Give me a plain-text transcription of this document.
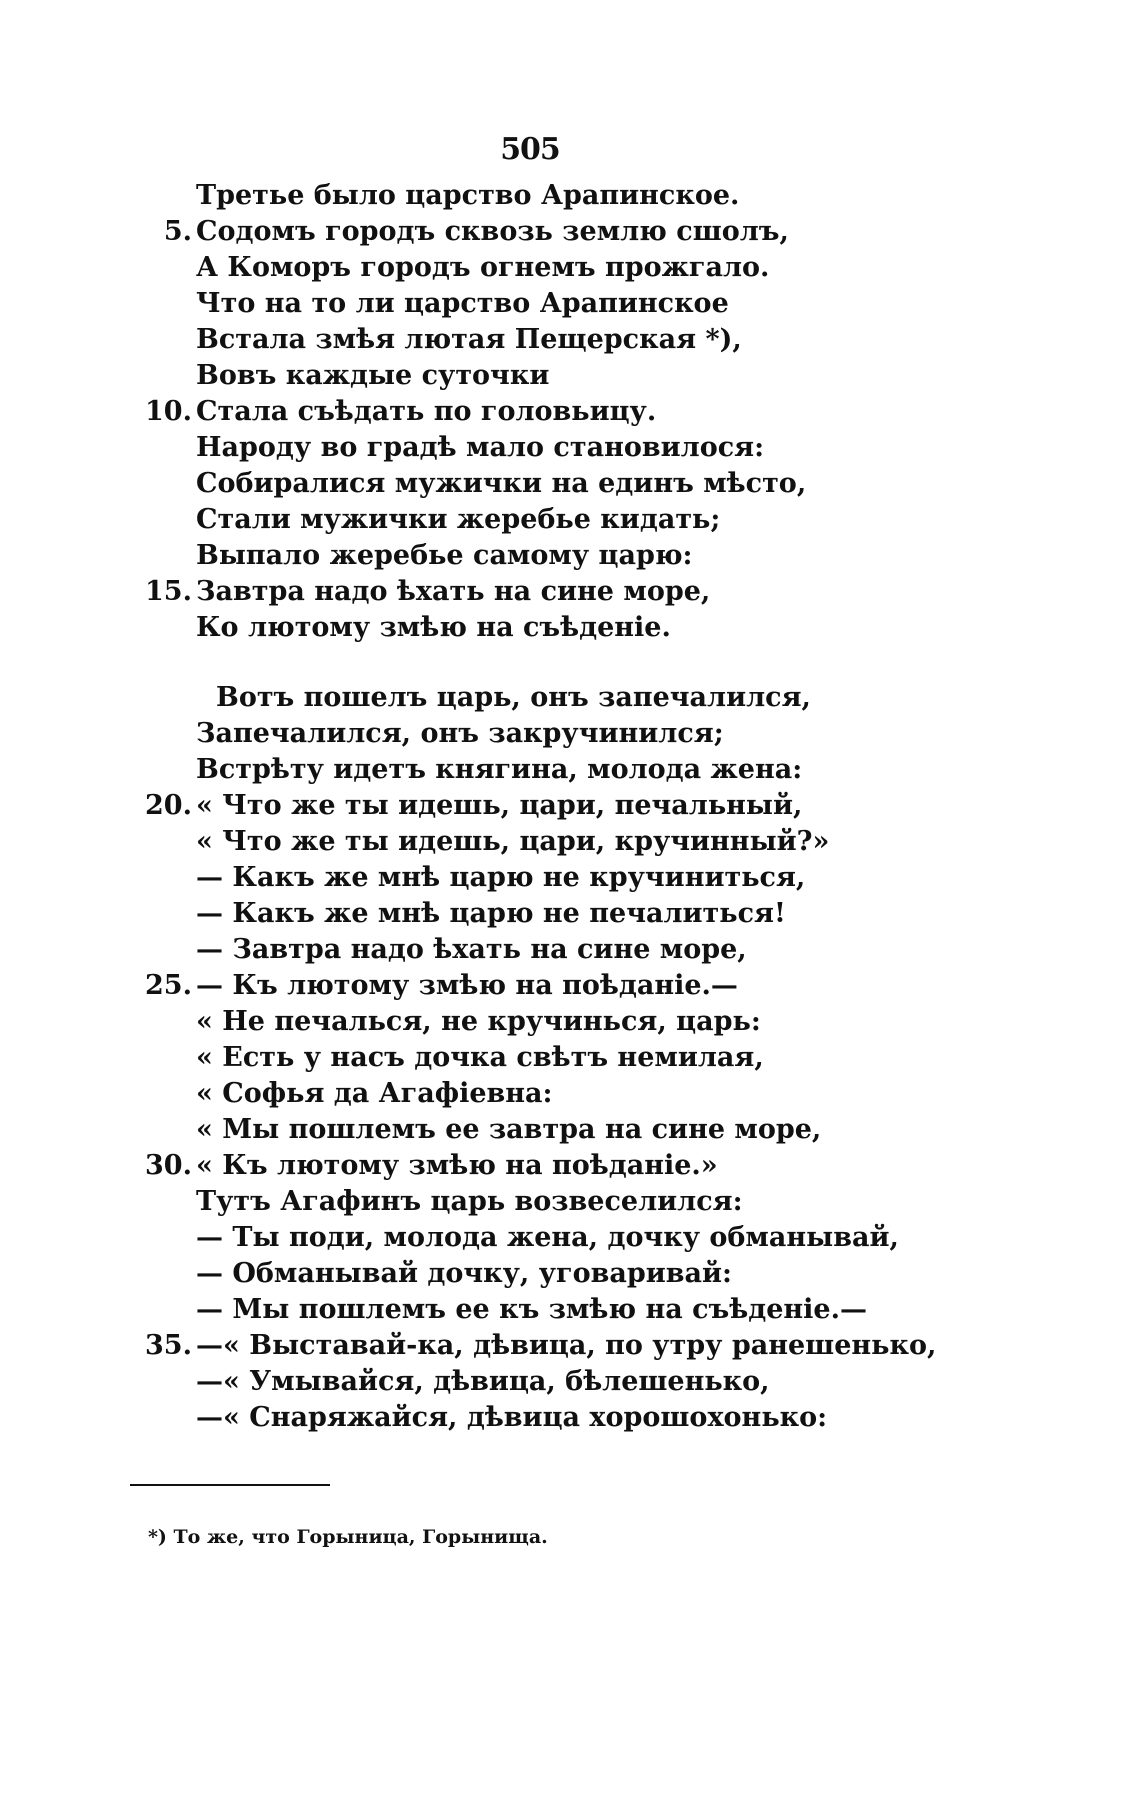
505
Третье было царство Арапинское.
5. Содомъ городъ сквозь землю сшолъ,
А Коморъ городъ огнемъ прожгало.
Что на то ли царство Арапинское
Встала змѣя лютая Пещерская *),
Вовъ каждые суточки
10. Стала съѣдать по головьицу.
Народу во градѣ мало становилося:
Собиралися мужички на единъ мѣсто,
Стали мужички жеребье кидать;
Выпало жеребье самому царю:
15. Завтра надо ѣхать на сине море,
Ко лютому змѣю на съѣденіе.
Вотъ пошелъ царь, онъ запечалился,
Запечалился, онъ закручинился;
Встрѣту идетъ княгина, молода жена:
20. « Что же ты идешь, цари, печальный,
« Что же ты идешь, цари, кручинный?»
— Какъ же мнѣ царю не кручиниться,
— Какъ же мнѣ царю не печалиться!
— Завтра надо ѣхать на сине море,
25. — Къ лютому змѣю на поѣданіе.—
« Не печалься, не кручинься, царь:
« Есть у насъ дочка свѣтъ немилая,
« Софья да Агафіевна:
« Мы пошлемъ ее завтра на сине море,
30. « Къ лютому змѣю на поѣданіе.»
Тутъ Агафинъ царь возвеселился:
— Ты поди, молода жена, дочку обманывай,
— Обманывай дочку, уговаривай:
— Мы пошлемъ ее къ змѣю на съѣденіе.—
35. —« Выставай-ка, дѣвица, по утру ранешенько,
—« Умывайся, дѣвица, бѣлешенько,
—« Снаряжайся, дѣвица хорошохонько:
*) То же, что Горыница, Горынища.
